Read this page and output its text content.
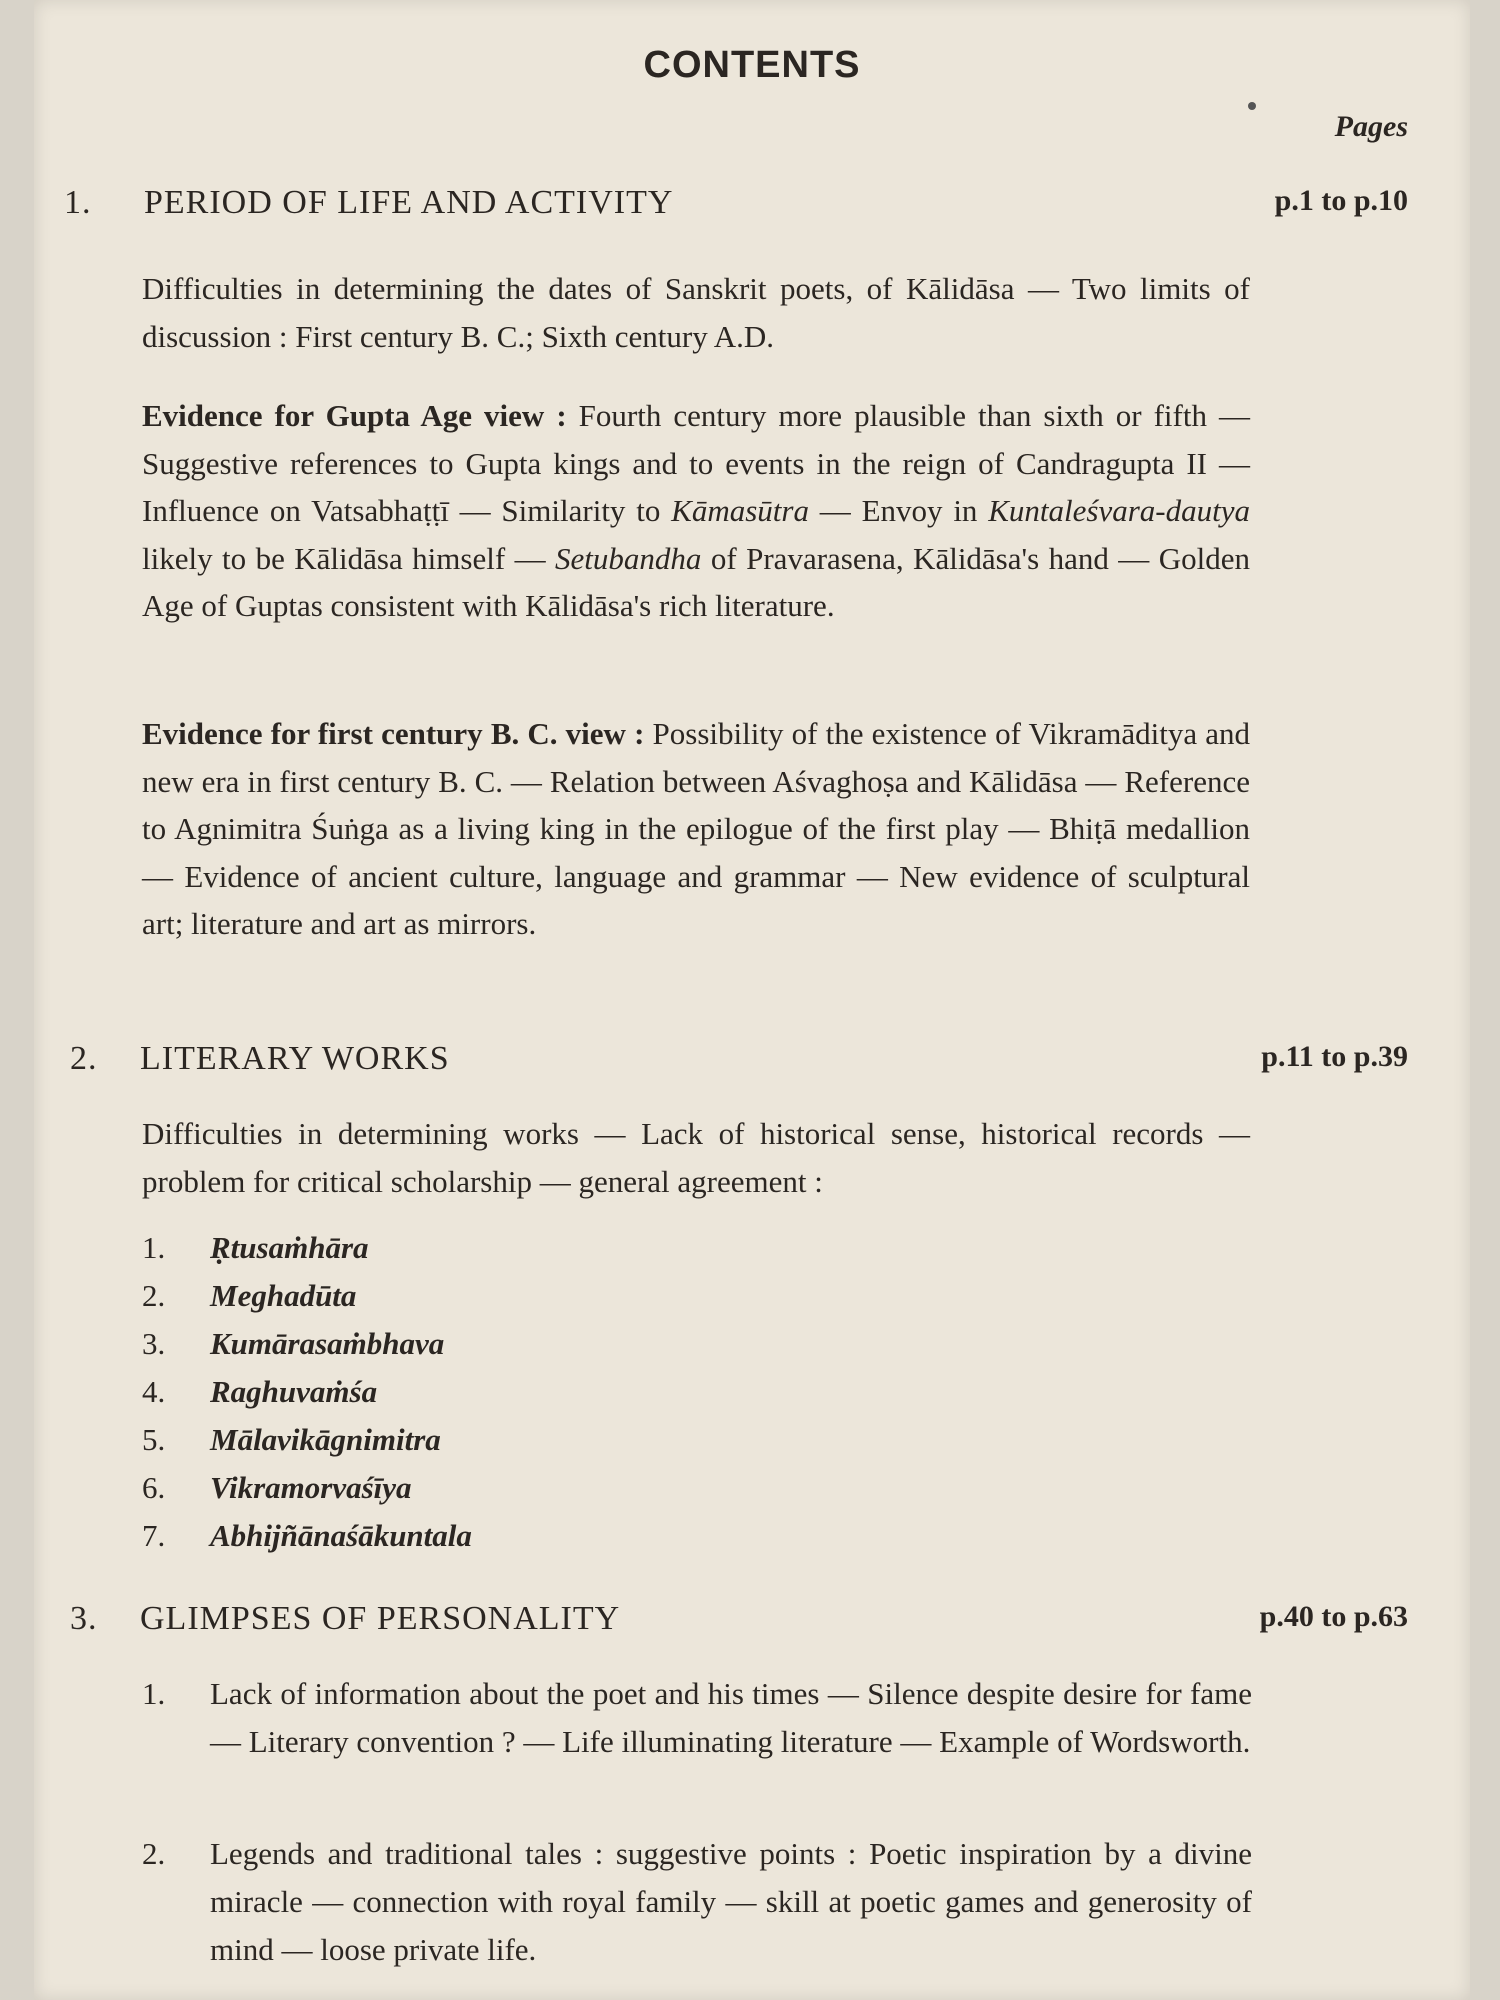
CONTENTS
Pages
1. PERIOD OF LIFE AND ACTIVITY	p.1 to p.10
Difficulties in determining the dates of Sanskrit poets, of Kālidāsa — Two limits of discussion : First century B. C.; Sixth century A.D.
Evidence for Gupta Age view : Fourth century more plausible than sixth or fifth — Suggestive references to Gupta kings and to events in the reign of Candragupta II — Influence on Vatsabhaṭṭī — Similarity to Kāmasūtra — Envoy in Kuntaleśvara-dautya likely to be Kālidāsa himself — Setubandha of Pravarasena, Kālidāsa's hand — Golden Age of Guptas consistent with Kālidāsa's rich literature.
Evidence for first century B. C. view : Possibility of the existence of Vikramāditya and new era in first century B. C. — Relation between Aśvaghoṣa and Kālidāsa — Reference to Agnimitra Śuṅga as a living king in the epilogue of the first play — Bhiṭā medallion — Evidence of ancient culture, language and grammar — New evidence of sculptural art; literature and art as mirrors.
2. LITERARY WORKS	p.11 to p.39
Difficulties in determining works — Lack of historical sense, historical records — problem for critical scholarship — general agreement :
1. Ṛtusaṁhāra
2. Meghadūta
3. Kumārasaṁbhava
4. Raghuvaṁśa
5. Mālavikāgnimitra
6. Vikramorvaśīya
7. Abhijñānaśākuntala
3. GLIMPSES OF PERSONALITY	p.40 to p.63
1. Lack of information about the poet and his times — Silence despite desire for fame — Literary convention ? — Life illuminating literature — Example of Wordsworth.
2. Legends and traditional tales : suggestive points : Poetic inspiration by a divine miracle — connection with royal family — skill at poetic games and generosity of mind — loose private life.
